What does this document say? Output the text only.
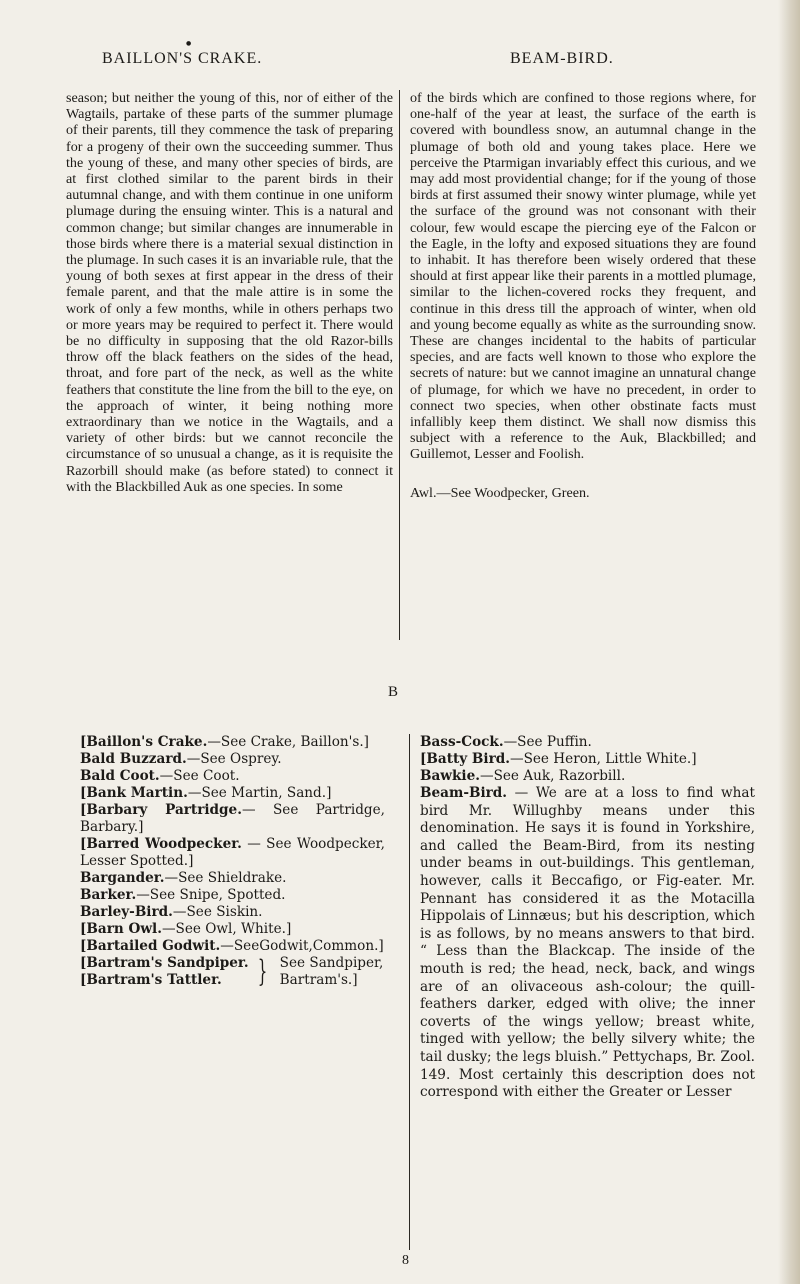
●
BAILLON'S CRAKE.	BEAM-BIRD.

season; but neither the young of this, nor of either of the Wagtails, partake of these parts of the summer plumage of their parents, till they commence the task of preparing for a progeny of their own the succeeding summer. Thus the young of these, and many other species of birds, are at first clothed similar to the parent birds in their autumnal change, and with them continue in one uniform plumage during the ensuing winter. This is a natural and common change; but similar changes are innumerable in those birds where there is a material sexual distinction in the plumage. In such cases it is an invariable rule, that the young of both sexes at first appear in the dress of their female parent, and that the male attire is in some the work of only a few months, while in others perhaps two or more years may be required to perfect it. There would be no difficulty in supposing that the old Razor-bills throw off the black feathers on the sides of the head, throat, and fore part of the neck, as well as the white feathers that constitute the line from the bill to the eye, on the approach of winter, it being nothing more extraordinary than we notice in the Wagtails, and a variety of other birds: but we cannot reconcile the circumstance of so unusual a change, as it is requisite the Razorbill should make (as before stated) to connect it with the Blackbilled Auk as one species. In some

of the birds which are confined to those regions where, for one-half of the year at least, the surface of the earth is covered with boundless snow, an autumnal change in the plumage of both old and young takes place. Here we perceive the Ptarmigan invariably effect this curious, and we may add most providential change; for if the young of those birds at first assumed their snowy winter plumage, while yet the surface of the ground was not consonant with their colour, few would escape the piercing eye of the Falcon or the Eagle, in the lofty and exposed situations they are found to inhabit. It has therefore been wisely ordered that these should at first appear like their parents in a mottled plumage, similar to the lichen-covered rocks they frequent, and continue in this dress till the approach of winter, when old and young become equally as white as the surrounding snow. These are changes incidental to the habits of particular species, and are facts well known to those who explore the secrets of nature: but we cannot imagine an unnatural change of plumage, for which we have no precedent, in order to connect two species, when other obstinate facts must infallibly keep them distinct. We shall now dismiss this subject with a reference to the Auk, Blackbilled; and Guillemot, Lesser and Foolish.

Awl.—See Woodpecker, Green.

B

[Baillon's Crake.—See Crake, Baillon's.]

Bald Buzzard.—See Osprey.

Bald Coot.—See Coot.

[Bank Martin.—See Martin, Sand.]

[Barbary Partridge.— See Partridge, Barbary.]

[Barred Woodpecker. — See Woodpecker, Lesser Spotted.]

Bargander.—See Shieldrake.

Barker.—See Snipe, Spotted.

Barley-Bird.—See Siskin.

[Barn Owl.—See Owl, White.]

[Bartailed Godwit.—SeeGodwit,Common.]

[Bartram's Sandpiper.
[Bartram's Tattler.	} See Sandpiper,
Bartram's.]

Bass-Cock.—See Puffin.

[Batty Bird.—See Heron, Little White.]

Bawkie.—See Auk, Razorbill.

Beam-Bird. — We are at a loss to find what bird Mr. Willughby means under this denomination. He says it is found in Yorkshire, and called the Beam-Bird, from its nesting under beams in out-buildings. This gentleman, however, calls it Beccafigo, or Fig-eater. Mr. Pennant has considered it as the Motacilla Hippolais of Linnæus; but his description, which is as follows, by no means answers to that bird. “ Less than the Blackcap. The inside of the mouth is red; the head, neck, back, and wings are of an olivaceous ash-colour; the quill-feathers darker, edged with olive; the inner coverts of the wings yellow; breast white, tinged with yellow; the belly silvery white; the tail dusky; the legs bluish.” Pettychaps, Br. Zool. 149. Most certainly this description does not correspond with either the Greater or Lesser

8
